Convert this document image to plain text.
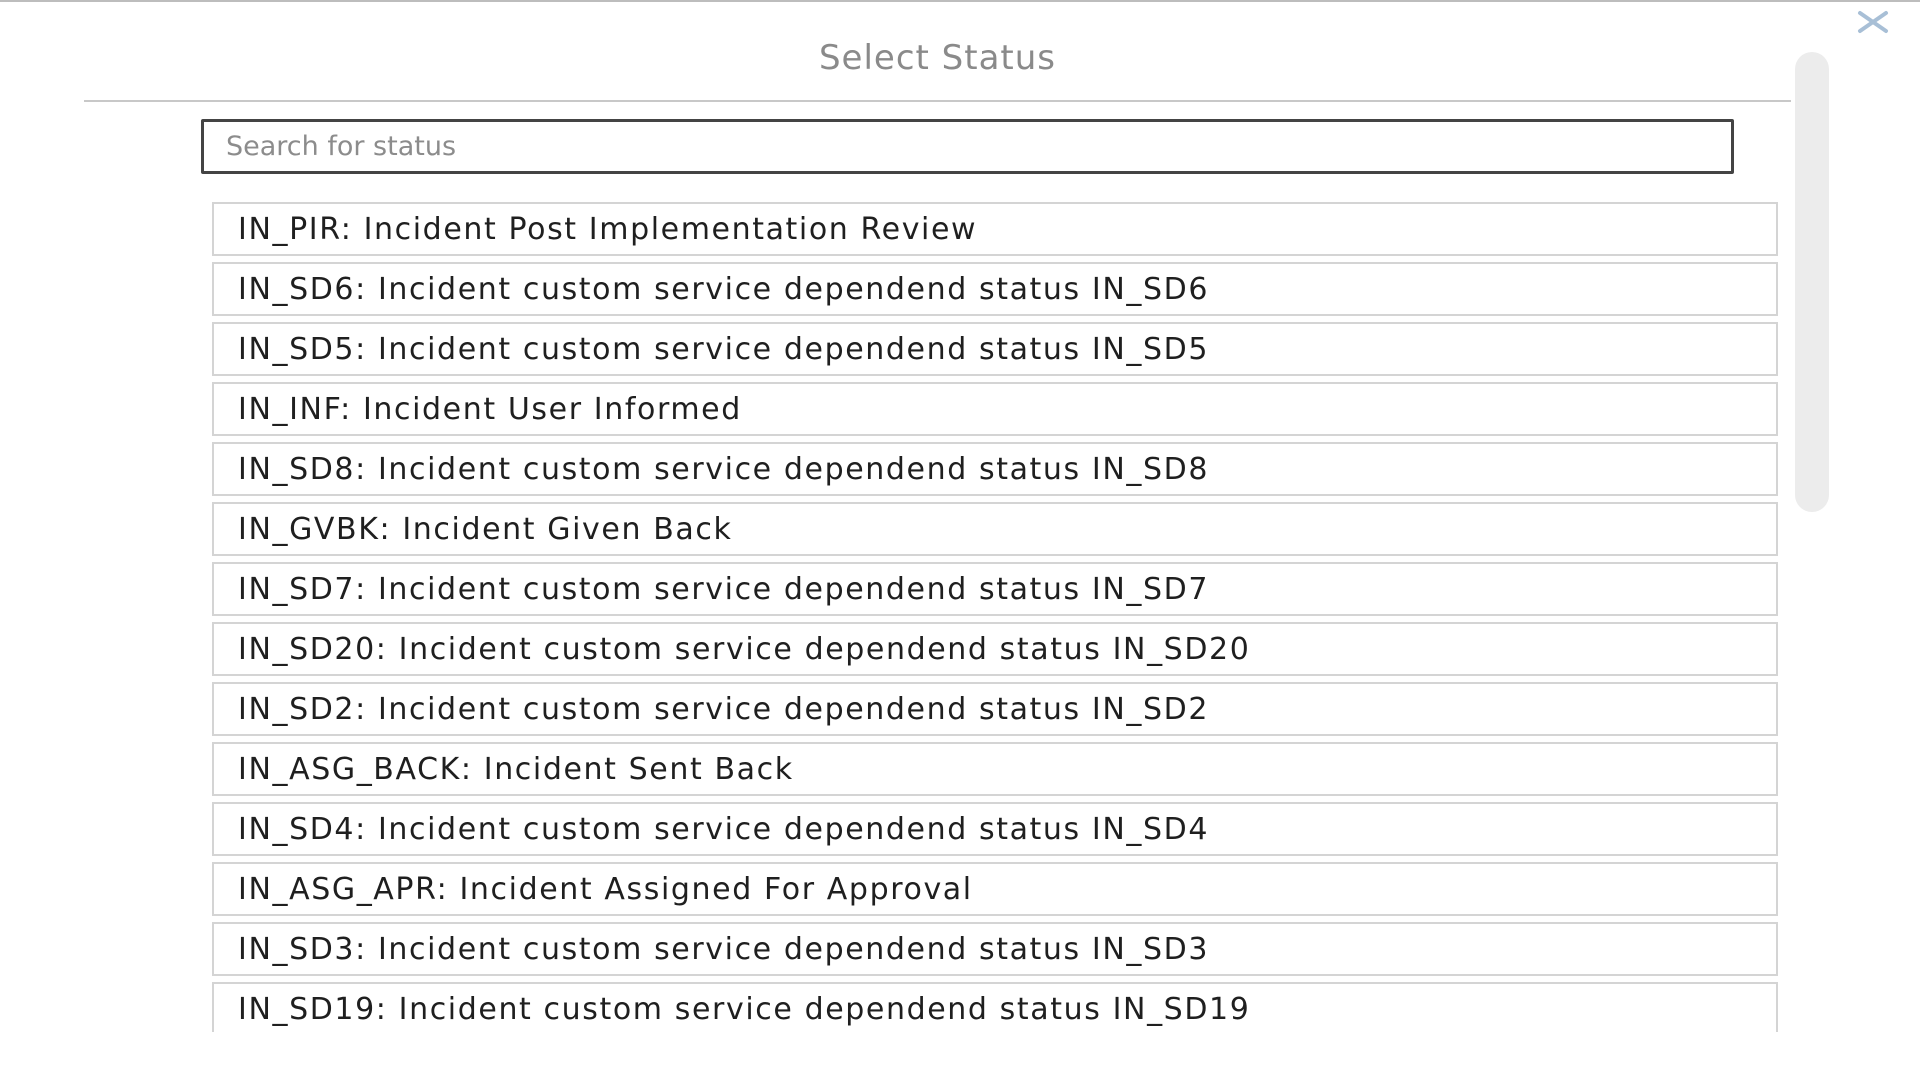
Select Status
Search for status
IN_PIR: Incident Post Implementation Review
IN_SD6: Incident custom service dependend status IN_SD6
IN_SD5: Incident custom service dependend status IN_SD5
IN_INF: Incident User Informed
IN_SD8: Incident custom service dependend status IN_SD8
IN_GVBK: Incident Given Back
IN_SD7: Incident custom service dependend status IN_SD7
IN_SD20: Incident custom service dependend status IN_SD20
IN_SD2: Incident custom service dependend status IN_SD2
IN_ASG_BACK: Incident Sent Back
IN_SD4: Incident custom service dependend status IN_SD4
IN_ASG_APR: Incident Assigned For Approval
IN_SD3: Incident custom service dependend status IN_SD3
IN_SD19: Incident custom service dependend status IN_SD19
